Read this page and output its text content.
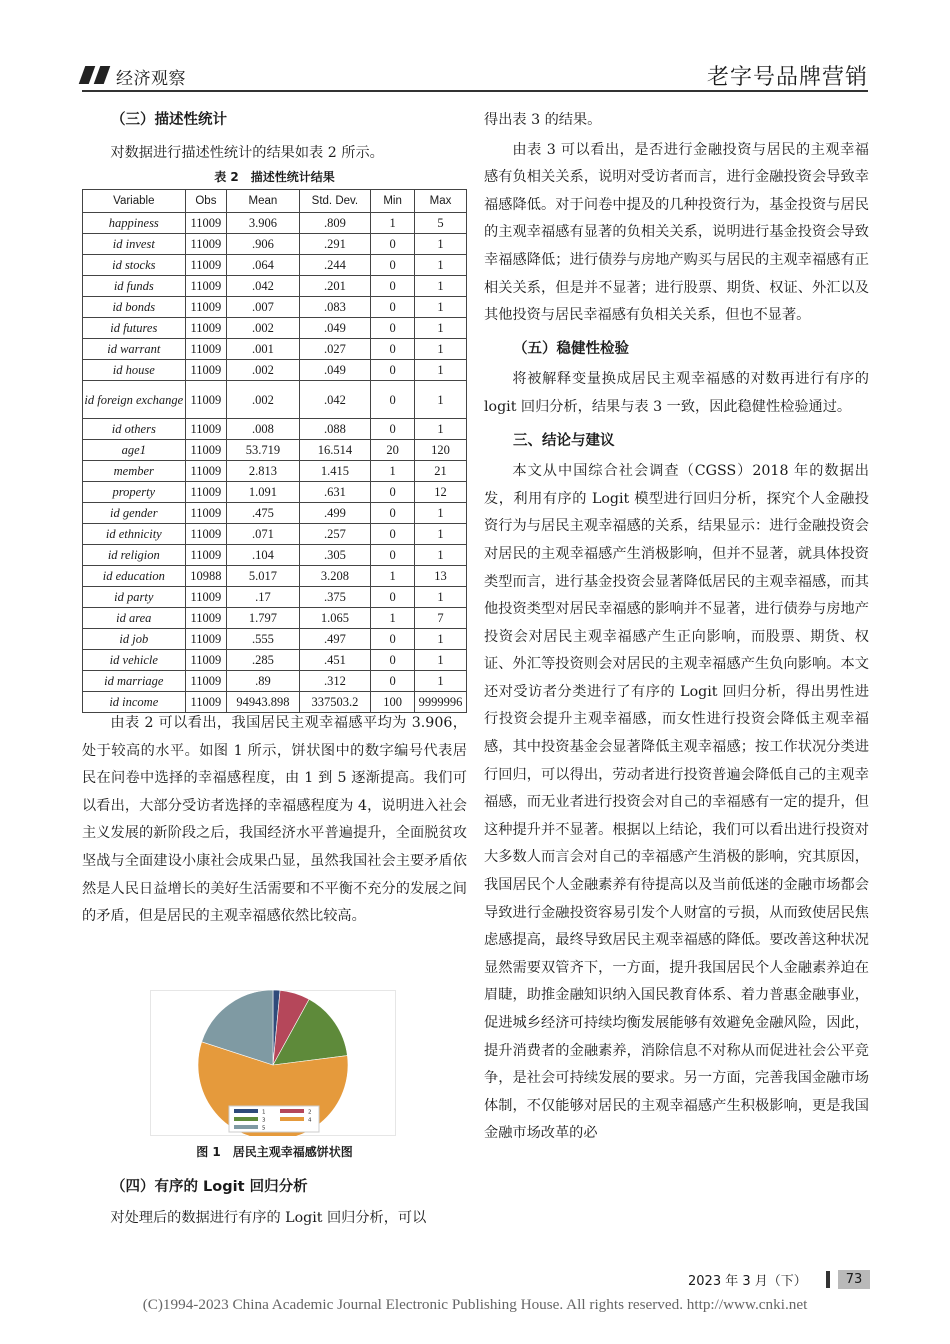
经济观察	老字号品牌营销

（三）描述性统计

对数据进行描述性统计的结果如表 2 所示。

表 2　描述性统计结果
Variable	Obs	Mean	Std. Dev.	Min	Max
happiness	11009	3.906	.809	1	5
id invest	11009	.906	.291	0	1
id stocks	11009	.064	.244	0	1
id funds	11009	.042	.201	0	1
id bonds	11009	.007	.083	0	1
id futures	11009	.002	.049	0	1
id warrant	11009	.001	.027	0	1
id house	11009	.002	.049	0	1
id foreign exchange	11009	.002	.042	0	1
id others	11009	.008	.088	0	1
age1	11009	53.719	16.514	20	120
member	11009	2.813	1.415	1	21
property	11009	1.091	.631	0	12
id gender	11009	.475	.499	0	1
id ethnicity	11009	.071	.257	0	1
id religion	11009	.104	.305	0	1
id education	10988	5.017	3.208	1	13
id party	11009	.17	.375	0	1
id area	11009	1.797	1.065	1	7
id job	11009	.555	.497	0	1
id vehicle	11009	.285	.451	0	1
id marriage	11009	.89	.312	0	1
id income	11009	94943.898	337503.2	100	9999996

由表 2 可以看出，我国居民主观幸福感平均为 3.906，处于较高的水平。如图 1 所示，饼状图中的数字编号代表居民在问卷中选择的幸福感程度，由 1 到 5 逐渐提高。我们可以看出，大部分受访者选择的幸福感程度为 4，说明进入社会主义发展的新阶段之后，我国经济水平普遍提升，全面脱贫攻坚战与全面建设小康社会成果凸显，虽然我国社会主要矛盾依然是人民日益增长的美好生活需要和不平衡不充分的发展之间的矛盾，但是居民的主观幸福感依然比较高。

1	2
3	4
5
图 1　居民主观幸福感饼状图

（四）有序的 Logit 回归分析

对处理后的数据进行有序的 Logit 回归分析，可以

得出表 3 的结果。

由表 3 可以看出，是否进行金融投资与居民的主观幸福感有负相关关系，说明对受访者而言，进行金融投资会导致幸福感降低。对于问卷中提及的几种投资行为，基金投资与居民的主观幸福感有显著的负相关关系，说明进行基金投资会导致幸福感降低；进行债券与房地产购买与居民的主观幸福感有正相关关系，但是并不显著；进行股票、期货、权证、外汇以及其他投资与居民幸福感有负相关关系，但也不显著。

（五）稳健性检验

将被解释变量换成居民主观幸福感的对数再进行有序的 logit 回归分析，结果与表 3 一致，因此稳健性检验通过。

三、结论与建议

本文从中国综合社会调查（CGSS）2018 年的数据出发，利用有序的 Logit 模型进行回归分析，探究个人金融投资行为与居民主观幸福感的关系，结果显示：进行金融投资会对居民的主观幸福感产生消极影响，但并不显著，就具体投资类型而言，进行基金投资会显著降低居民的主观幸福感，而其他投资类型对居民幸福感的影响并不显著，进行债券与房地产投资会对居民主观幸福感产生正向影响，而股票、期货、权证、外汇等投资则会对居民的主观幸福感产生负向影响。本文还对受访者分类进行了有序的 Logit 回归分析，得出男性进行投资会提升主观幸福感，而女性进行投资会降低主观幸福感，其中投资基金会显著降低主观幸福感；按工作状况分类进行回归，可以得出，劳动者进行投资普遍会降低自己的主观幸福感，而无业者进行投资会对自己的幸福感有一定的提升，但这种提升并不显著。根据以上结论，我们可以看出进行投资对大多数人而言会对自己的幸福感产生消极的影响，究其原因，我国居民个人金融素养有待提高以及当前低迷的金融市场都会导致进行金融投资容易引发个人财富的亏损，从而致使居民焦虑感提高，最终导致居民主观幸福感的降低。要改善这种状况显然需要双管齐下，一方面，提升我国居民个人金融素养迫在眉睫，助推金融知识纳入国民教育体系、着力普惠金融事业，促进城乡经济可持续均衡发展能够有效避免金融风险，因此，提升消费者的金融素养，消除信息不对称从而促进社会公平竞争，是社会可持续发展的要求。另一方面，完善我国金融市场体制，不仅能够对居民的主观幸福感产生积极影响，更是我国金融市场改革的必

2023 年 3 月（下）	73
(C)1994-2023 China Academic Journal Electronic Publishing House. All rights reserved. http://www.cnki.net
